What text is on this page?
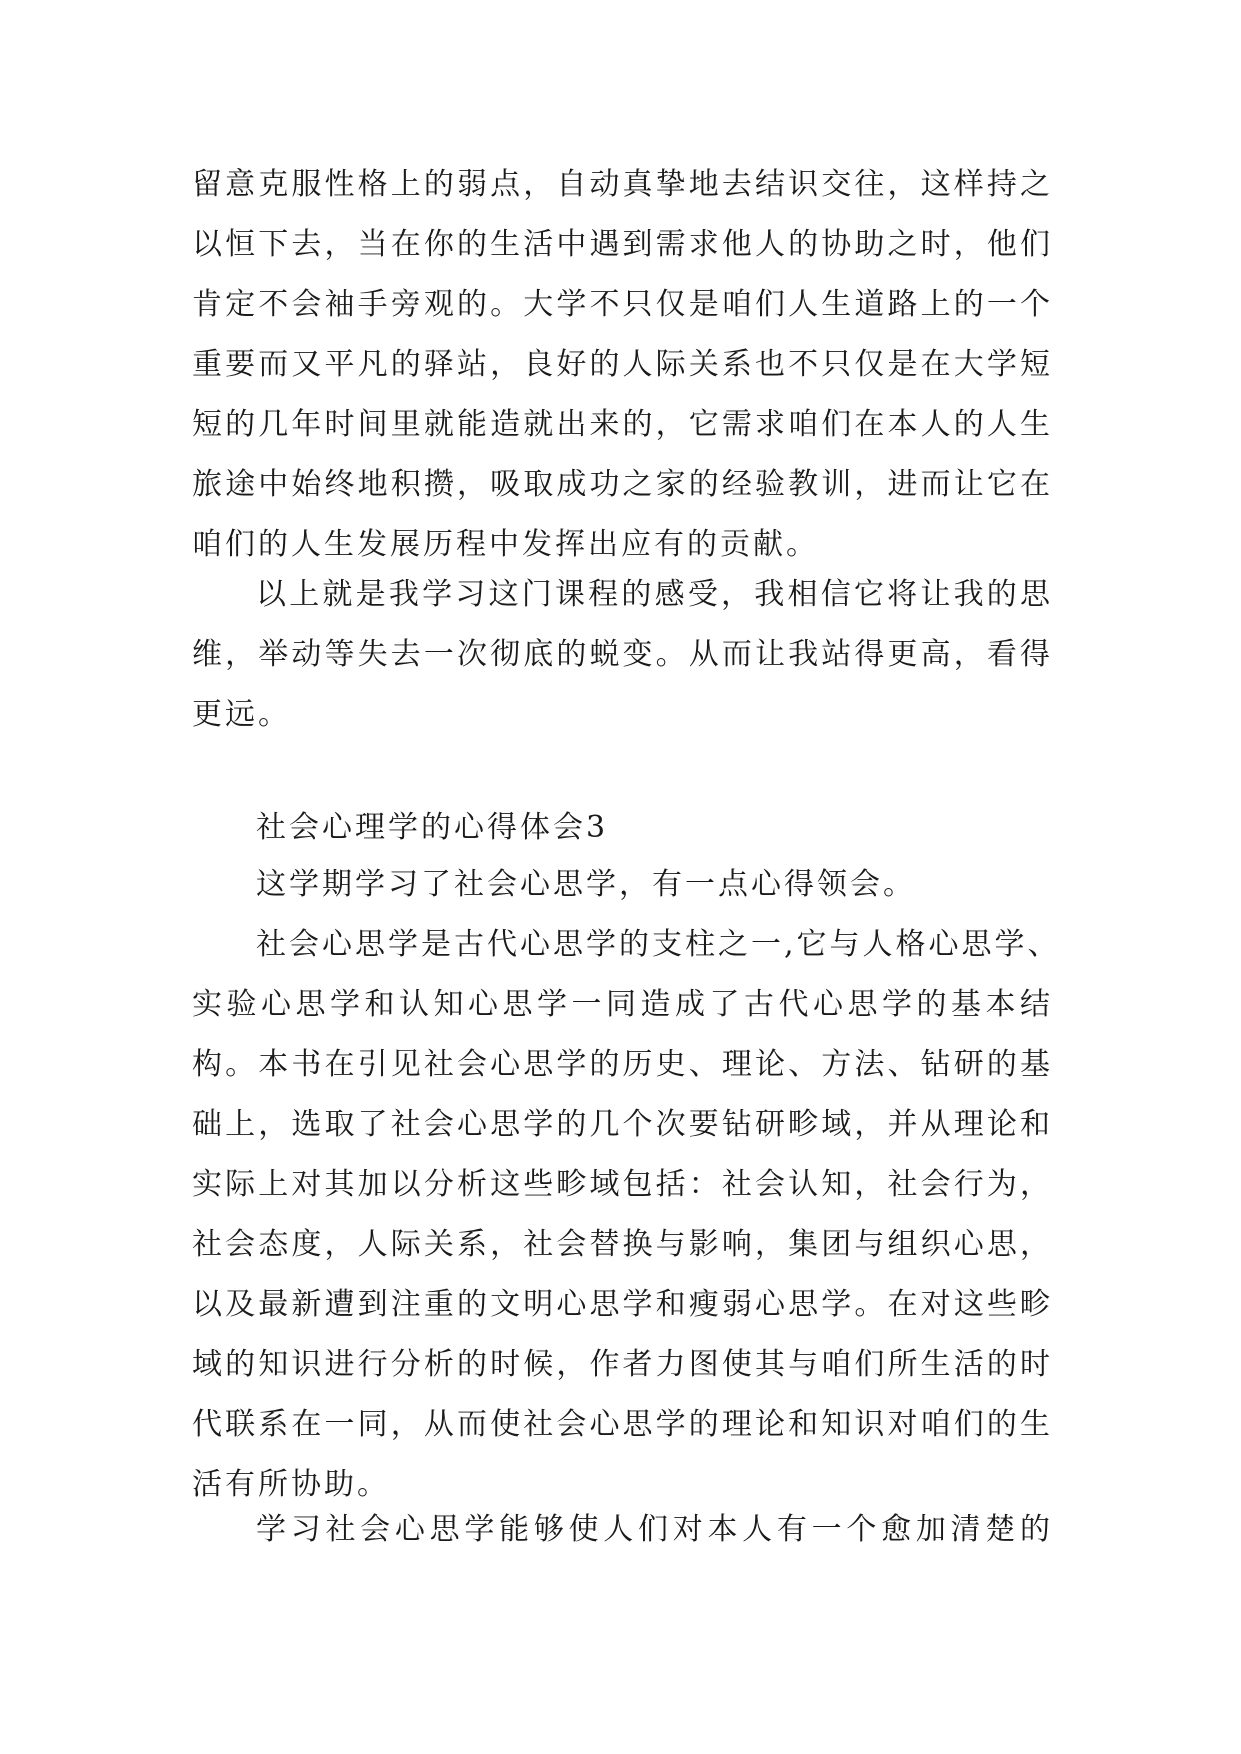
留意克服性格上的弱点，自动真挚地去结识交往，这样持之
以恒下去，当在你的生活中遇到需求他人的协助之时，他们
肯定不会袖手旁观的。大学不只仅是咱们人生道路上的一个
重要而又平凡的驿站，良好的人际关系也不只仅是在大学短
短的几年时间里就能造就出来的，它需求咱们在本人的人生
旅途中始终地积攒，吸取成功之家的经验教训，进而让它在
咱们的人生发展历程中发挥出应有的贡献。
以上就是我学习这门课程的感受，我相信它将让我的思
维，举动等失去一次彻底的蜕变。从而让我站得更高，看得
更远。
社会心理学的心得体会3
这学期学习了社会心思学，有一点心得领会。
社会心思学是古代心思学的支柱之一,它与人格心思学、
实验心思学和认知心思学一同造成了古代心思学的基本结
构。本书在引见社会心思学的历史、理论、方法、钻研的基
础上，选取了社会心思学的几个次要钻研畛域，并从理论和
实际上对其加以分析这些畛域包括：社会认知，社会行为，
社会态度，人际关系，社会替换与影响，集团与组织心思，
以及最新遭到注重的文明心思学和瘦弱心思学。在对这些畛
域的知识进行分析的时候，作者力图使其与咱们所生活的时
代联系在一同，从而使社会心思学的理论和知识对咱们的生
活有所协助。
学习社会心思学能够使人们对本人有一个愈加清楚的
